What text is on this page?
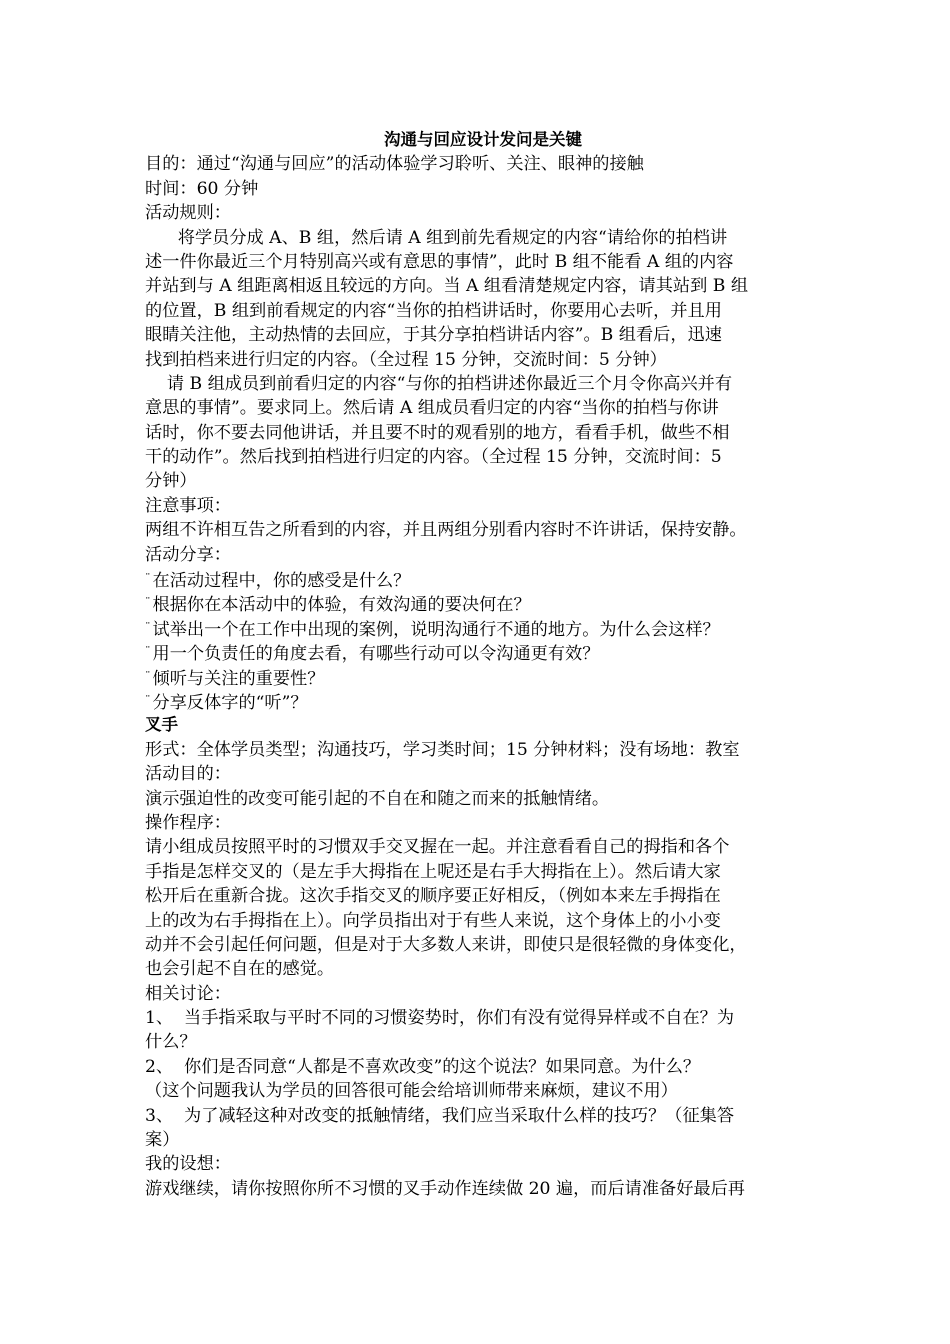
沟通与回应设计发问是关键
目的：通过“沟通与回应”的活动体验学习聆听、关注、眼神的接触
时间：60 分钟
活动规则：
将学员分成 A、B 组，然后请 A 组到前先看规定的内容“请给你的拍档讲
述一件你最近三个月特别高兴或有意思的事情”，此时 B 组不能看 A 组的内容
并站到与 A 组距离相返且较远的方向。当 A 组看清楚规定内容，请其站到 B 组
的位置，B 组到前看规定的内容“当你的拍档讲话时，你要用心去听，并且用
眼睛关注他，主动热情的去回应，于其分享拍档讲话内容”。B 组看后，迅速
找到拍档来进行归定的内容。（全过程 15 分钟，交流时间：5 分钟）
请 B 组成员到前看归定的内容“与你的拍档讲述你最近三个月令你高兴并有
意思的事情”。要求同上。然后请 A 组成员看归定的内容“当你的拍档与你讲
话时，你不要去同他讲话，并且要不时的观看别的地方，看看手机，做些不相
干的动作”。然后找到拍档进行归定的内容。（全过程 15 分钟，交流时间：5
分钟）
注意事项：
两组不许相互告之所看到的内容，并且两组分别看内容时不许讲话，保持安静。
活动分享：
¨ 在活动过程中，你的感受是什么？
¨ 根据你在本活动中的体验，有效沟通的要决何在？
¨ 试举出一个在工作中出现的案例，说明沟通行不通的地方。为什么会这样？
¨ 用一个负责任的角度去看，有哪些行动可以令沟通更有效？
¨ 倾听与关注的重要性？
¨ 分享反体字的“听”？
叉手
形式：全体学员类型；沟通技巧，学习类时间；15 分钟材料；没有场地：教室
活动目的：
演示强迫性的改变可能引起的不自在和随之而来的抵触情绪。
操作程序：
请小组成员按照平时的习惯双手交叉握在一起。并注意看看自己的拇指和各个
手指是怎样交叉的（是左手大拇指在上呢还是右手大拇指在上）。然后请大家
松开后在重新合拢。这次手指交叉的顺序要正好相反，（例如本来左手拇指在
上的改为右手拇指在上）。向学员指出对于有些人来说，这个身体上的小小变
动并不会引起任何问题，但是对于大多数人来讲，即使只是很轻微的身体变化，
也会引起不自在的感觉。
相关讨论：
1、  当手指采取与平时不同的习惯姿势时，你们有没有觉得异样或不自在？为
什么？
2、  你们是否同意“人都是不喜欢改变”的这个说法？如果同意。为什么？
（这个问题我认为学员的回答很可能会给培训师带来麻烦，建议不用）
3、  为了减轻这种对改变的抵触情绪，我们应当采取什么样的技巧？（征集答
案）
我的设想：
游戏继续，请你按照你所不习惯的叉手动作连续做 20 遍，而后请准备好最后再
